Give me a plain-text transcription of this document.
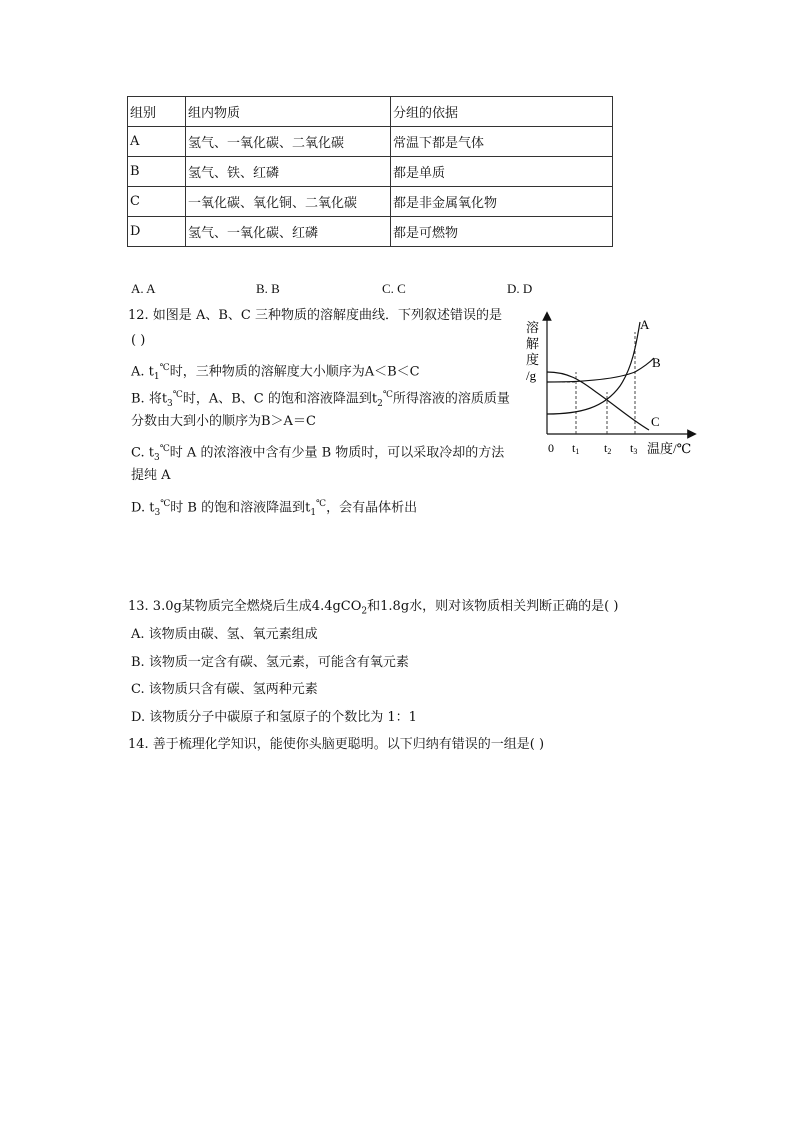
组别	组内物质	分组的依据
A	氢气、一氧化碳、二氧化碳	常温下都是气体
B	氢气、铁、红磷	都是单质
C	一氧化碳、氧化铜、二氧化碳	都是非金属氧化物
D	氢气、一氧化碳、红磷	都是可燃物
A. A	B. B	C. C	D. D
12. 如图是 A、B、C 三种物质的溶解度曲线．下列叙述错误的是
( )
A. $t_1^℃$时，三种物质的溶解度大小顺序为A＜B＜C
B. 将$t_3^℃$时，A、B、C 的饱和溶液降温到$t_2^℃$所得溶液的溶质质量
分数由大到小的顺序为B＞A＝C
C. $t_3^℃$时 A 的浓溶液中含有少量 B 物质时，可以采取冷却的方法
提纯 A
D. $t_3^℃$时 B 的饱和溶液降温到$t_1^℃$，会有晶体析出
溶
解
度
/g
0 t1 t2 t3 温度/℃
A
B
C
13. 3.0g某物质完全燃烧后生成4.4gCO$_2$和1.8g水，则对该物质相关判断正确的是( )
A. 该物质由碳、氢、氧元素组成
B. 该物质一定含有碳、氢元素，可能含有氧元素
C. 该物质只含有碳、氢两种元素
D. 该物质分子中碳原子和氢原子的个数比为 1：1
14. 善于梳理化学知识，能使你头脑更聪明。以下归纳有错误的一组是( )
